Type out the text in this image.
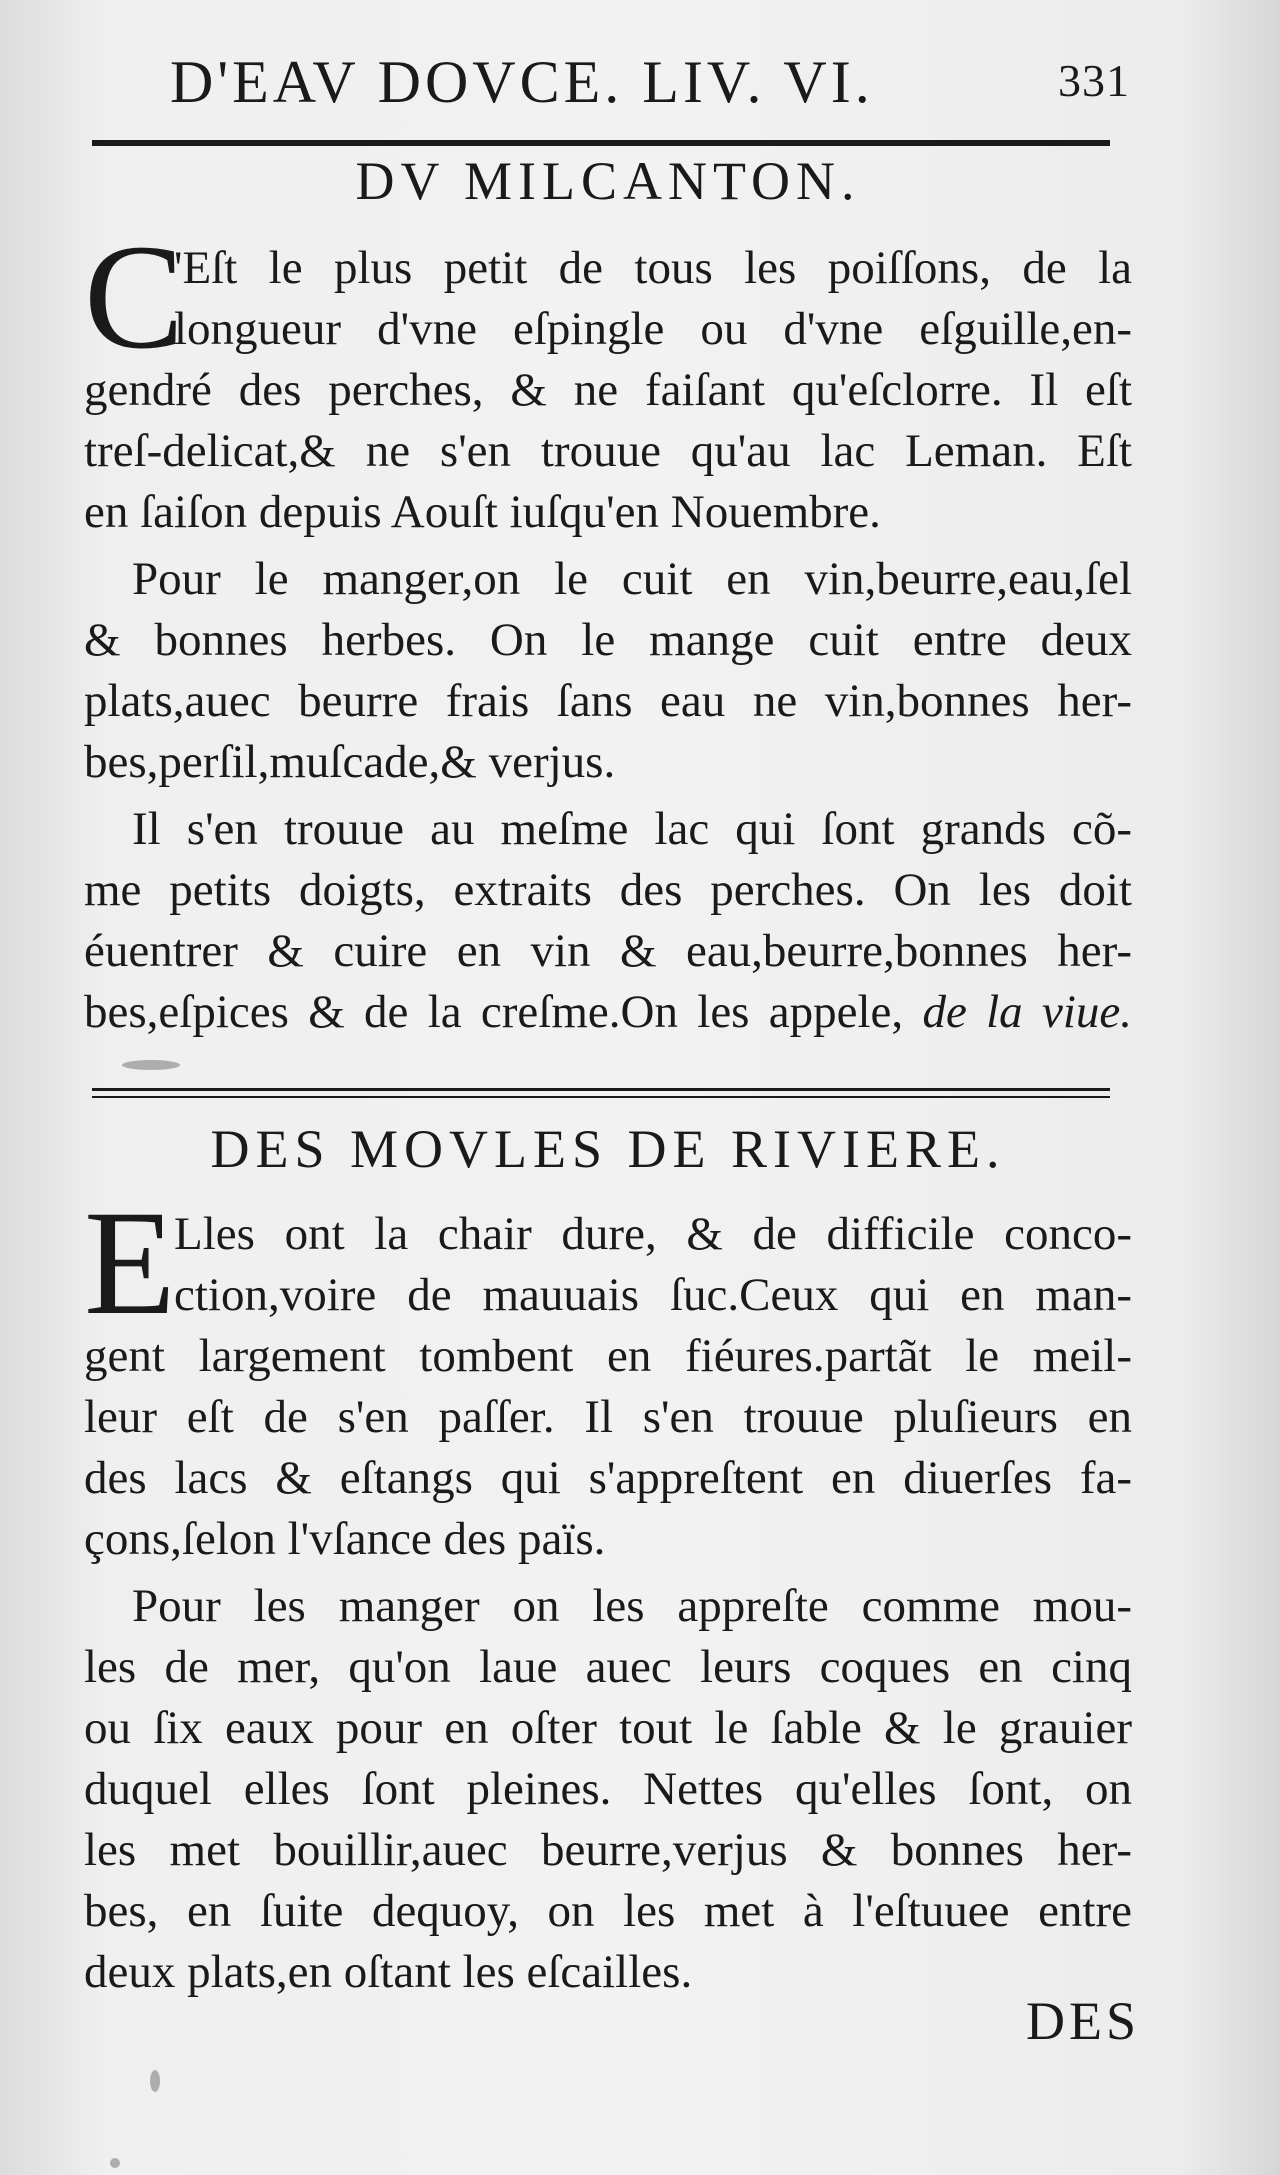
D'EAV DOVCE. LIV. VI.	331
DV MILCANTON.

C
'Eſt le plus petit de tous les poiſſons, de la
longueur d'vne eſpingle ou d'vne eſguille,en-
gendré des perches, & ne faiſant qu'eſclorre. Il eſt
treſ-delicat,& ne s'en trouue qu'au lac Leman. Eſt
en ſaiſon depuis Aouſt iuſqu'en Nouembre.

Pour le manger,on le cuit en vin,beurre,eau,ſel
& bonnes herbes. On le mange cuit entre deux
plats,auec beurre frais ſans eau ne vin,bonnes her-
bes,perſil,muſcade,& verjus.

Il s'en trouue au meſme lac qui ſont grands cõ-
me petits doigts, extraits des perches. On les doit
éuentrer & cuire en vin & eau,beurre,bonnes her-
bes,eſpices & de la creſme.On les appele, de la viue.

DES MOVLES DE RIVIERE.

E
Lles ont la chair dure, & de difficile conco-
ction,voire de mauuais ſuc.Ceux qui en man-
gent largement tombent en fiéures.partãt le meil-
leur eſt de s'en paſſer. Il s'en trouue pluſieurs en
des lacs & eſtangs qui s'appreſtent en diuerſes fa-
çons,ſelon l'vſance des païs.

Pour les manger on les appreſte comme mou-
les de mer, qu'on laue auec leurs coques en cinq
ou ſix eaux pour en oſter tout le ſable & le grauier
duquel elles ſont pleines. Nettes qu'elles ſont, on
les met bouillir,auec beurre,verjus & bonnes her-
bes, en ſuite dequoy, on les met à l'eſtuuee entre
deux plats,en oſtant les eſcailles.

DES
